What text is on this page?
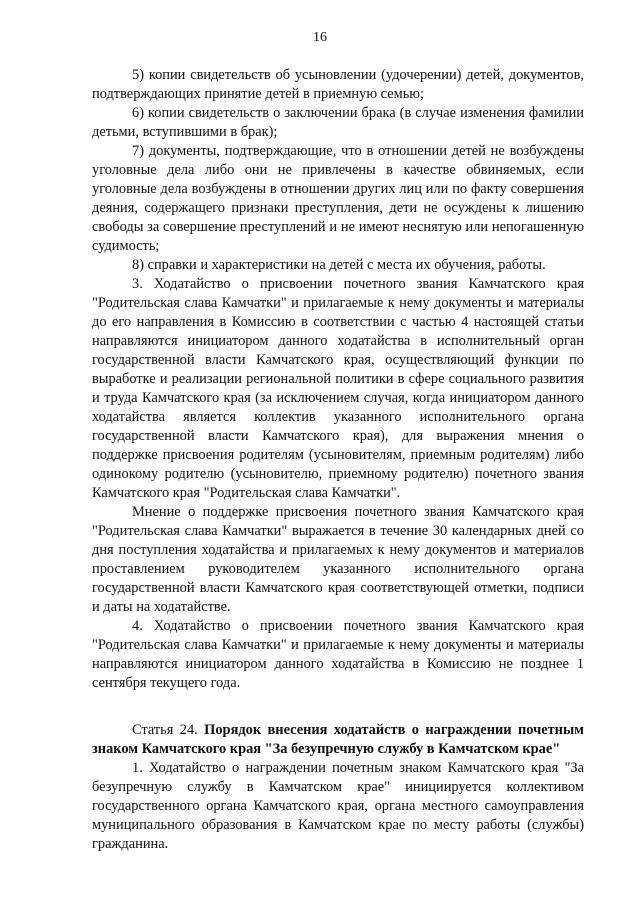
16

5) копии свидетельств об усыновлении (удочерении) детей, документов, подтверждающих принятие детей в приемную семью;

6) копии свидетельств о заключении брака (в случае изменения фамилии детьми, вступившими в брак);

7) документы, подтверждающие, что в отношении детей не возбуждены уголовные дела либо они не привлечены в качестве обвиняемых, если уголовные дела возбуждены в отношении других лиц или по факту совершения деяния, содержащего признаки преступления, дети не осуждены к лишению свободы за совершение преступлений и не имеют неснятую или непогашенную судимость;

8) справки и характеристики на детей с места их обучения, работы.

3. Ходатайство о присвоении почетного звания Камчатского края "Родительская слава Камчатки" и прилагаемые к нему документы и материалы до его направления в Комиссию в соответствии с частью 4 настоящей статьи направляются инициатором данного ходатайства в исполнительный орган государственной власти Камчатского края, осуществляющий функции по выработке и реализации региональной политики в сфере социального развития и труда Камчатского края (за исключением случая, когда инициатором данного ходатайства является коллектив указанного исполнительного органа государственной власти Камчатского края), для выражения мнения о поддержке присвоения родителям (усыновителям, приемным родителям) либо одинокому родителю (усыновителю, приемному родителю) почетного звания Камчатского края "Родительская слава Камчатки".

Мнение о поддержке присвоения почетного звания Камчатского края "Родительская слава Камчатки" выражается в течение 30 календарных дней со дня поступления ходатайства и прилагаемых к нему документов и материалов проставлением руководителем указанного исполнительного органа государственной власти Камчатского края соответствующей отметки, подписи и даты на ходатайстве.

4. Ходатайство о присвоении почетного звания Камчатского края "Родительская слава Камчатки" и прилагаемые к нему документы и материалы направляются инициатором данного ходатайства в Комиссию не позднее 1 сентября текущего года.

Статья 24. Порядок внесения ходатайств о награждении почетным знаком Камчатского края "За безупречную службу в Камчатском крае"

1. Ходатайство о награждении почетным знаком Камчатского края "За безупречную службу в Камчатском крае" инициируется коллективом государственного органа Камчатского края, органа местного самоуправления муниципального образования в Камчатском крае по месту работы (службы) гражданина.
